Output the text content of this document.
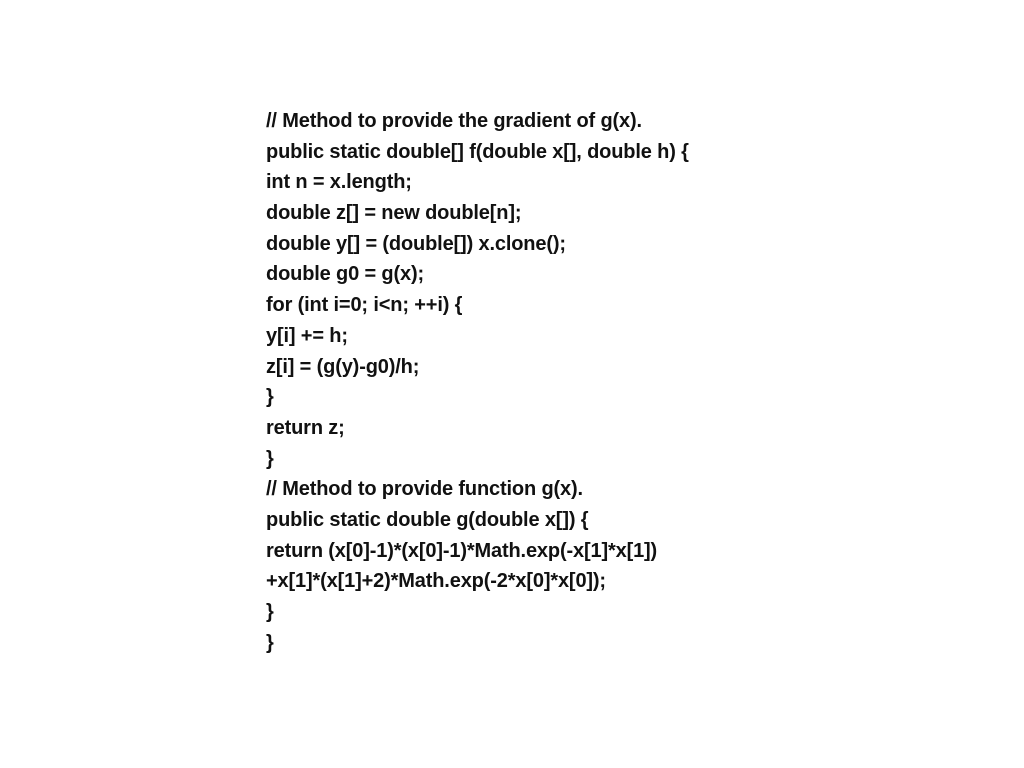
// Method to provide the gradient of g(x).
public static double[] f(double x[], double h) {
int n = x.length;
double z[] = new double[n];
double y[] = (double[]) x.clone();
double g0 = g(x);
for (int i=0; i<n; ++i) {
y[i] += h;
z[i] = (g(y)-g0)/h;
}
return z;
}
// Method to provide function g(x).
public static double g(double x[]) {
return (x[0]-1)*(x[0]-1)*Math.exp(-x[1]*x[1])
+x[1]*(x[1]+2)*Math.exp(-2*x[0]*x[0]);
}
}
